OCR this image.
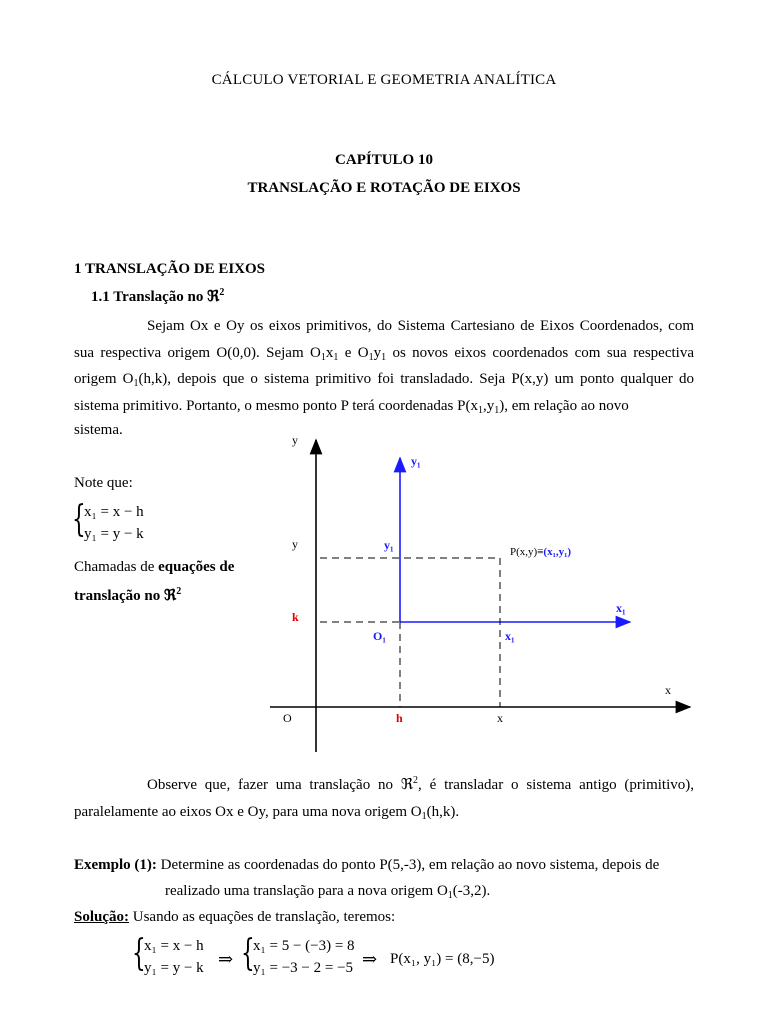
CÁLCULO VETORIAL E GEOMETRIA ANALÍTICA
CAPÍTULO 10
TRANSLAÇÃO E ROTAÇÃO DE EIXOS
1 TRANSLAÇÃO DE EIXOS
1.1 Translação no ℜ$^2$
Sejam Ox e Oy os eixos primitivos, do Sistema Cartesiano de Eixos Coordenados, com sua respectiva origem O(0,0). Sejam $O_1x_1$ e $O_1y_1$ os novos eixos coordenados com sua respectiva origem $O_1(h,k)$, depois que o sistema primitivo foi transladado. Seja P(x,y) um ponto qualquer do sistema primitivo. Portanto, o mesmo ponto P terá coordenadas $P(x_1,y_1)$, em relação ao novo
sistema.
Note que:
{
x₁ = x − h
y₁ = y − k
Chamadas de equações de
translação no ℜ$^2$
y
x
O
y₁
x₁
y	y₁
k
O₁	x₁
h	x
P(x,y)≡(x₁,y₁)
Observe que, fazer uma translação no ℜ$^2$, é transladar o sistema antigo (primitivo), paralelamente ao eixos Ox e Oy, para uma nova origem $O_1(h,k)$.
Exemplo (1): Determine as coordenadas do ponto P(5,-3), em relação ao novo sistema, depois de
realizado uma translação para a nova origem $O_1(-3,2)$.
Solução: Usando as equações de translação, teremos:
{
x₁ = x − h
y₁ = y − k ⇒ {
x₁ = 5 − (−3) = 8
y₁ = −3 − 2 = −5 ⇒ P(x₁, y₁) = (8,−5)
